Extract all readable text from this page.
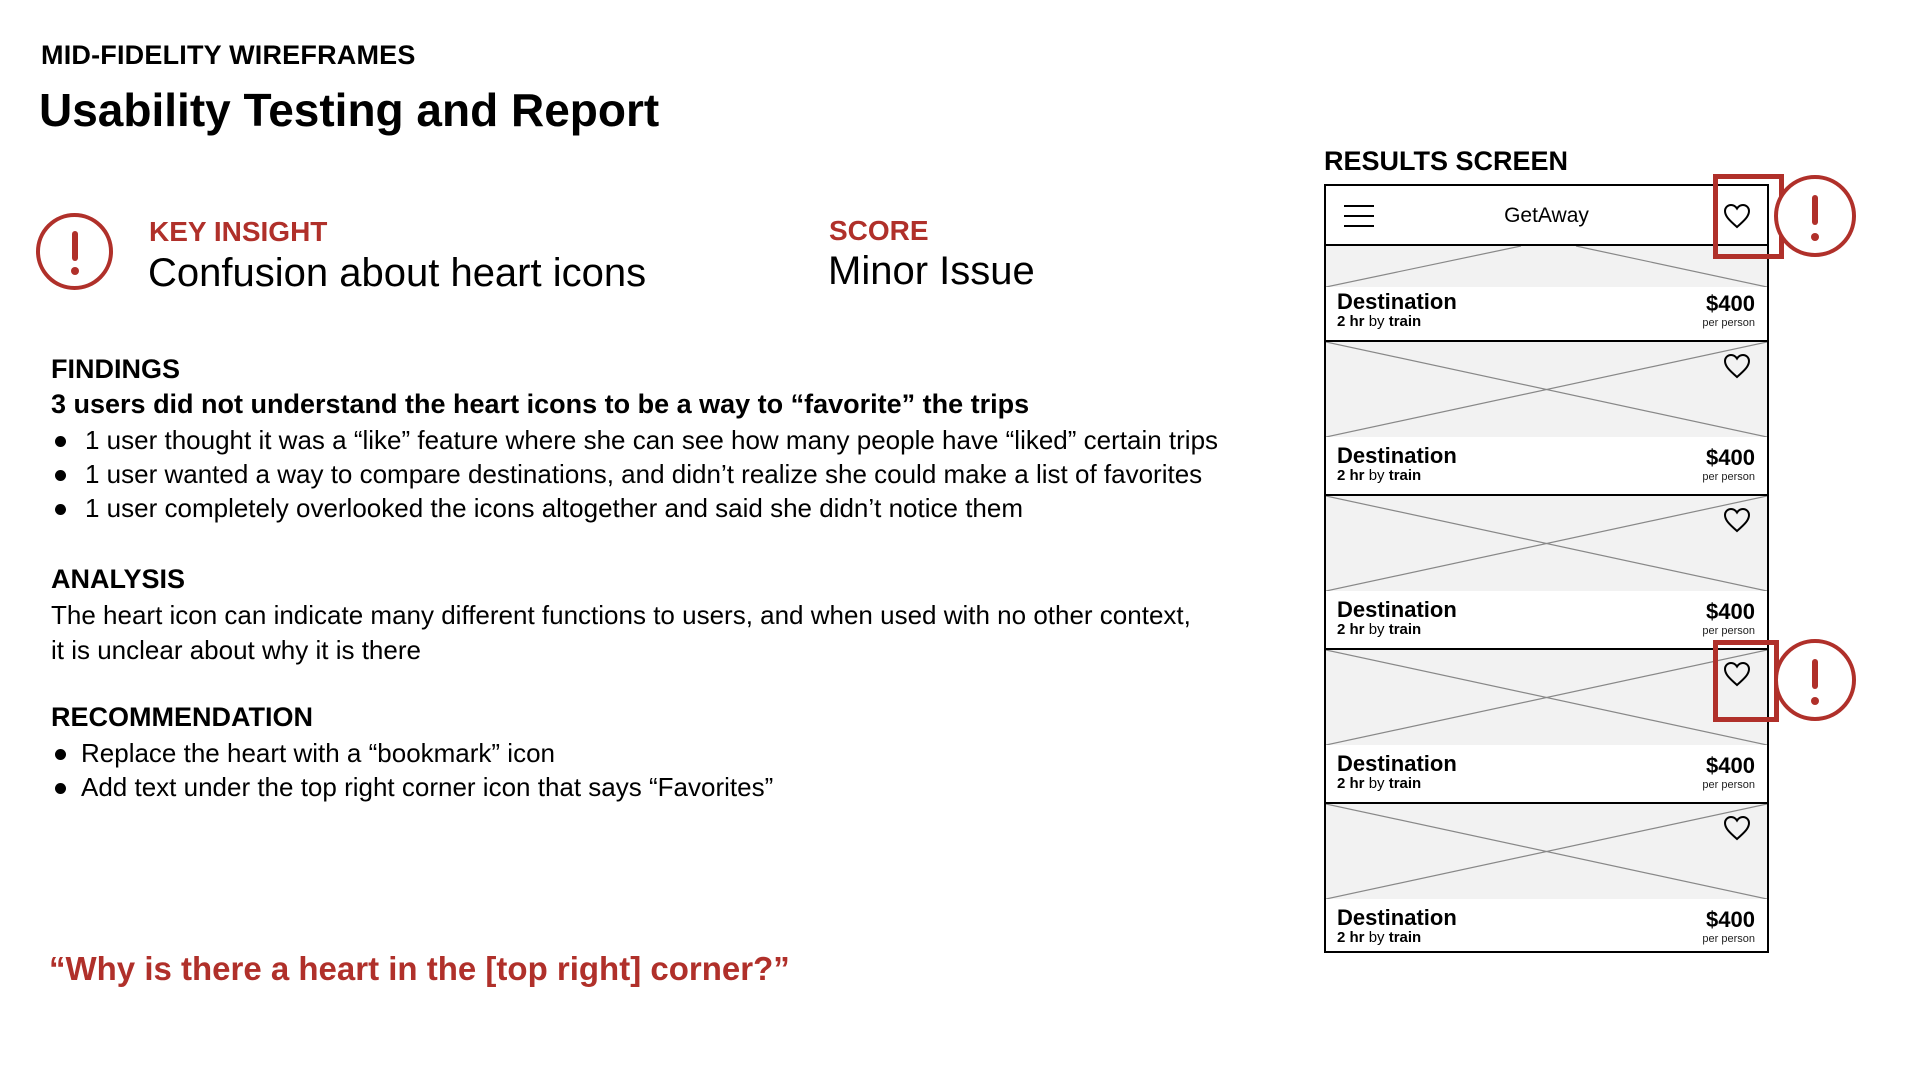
MID-FIDELITY WIREFRAMES
Usability Testing and Report
KEY INSIGHT
Confusion about heart icons
SCORE
Minor Issue
FINDINGS
3 users did not understand the heart icons to be a way to “favorite” the trips
1 user thought it was a “like” feature where she can see how many people have “liked” certain trips
1 user wanted a way to compare destinations, and didn’t realize she could make a list of favorites
1 user completely overlooked the icons altogether and said she didn’t notice them
ANALYSIS
The heart icon can indicate many different functions to users, and when used with no other context,
it is unclear about why it is there
RECOMMENDATION
Replace the heart with a “bookmark” icon
Add text under the top right corner icon that says “Favorites”
“Why is there a heart in the [top right] corner?”
RESULTS SCREEN
GetAway
Destination
2 hr by train
$400
per person
Destination
2 hr by train
$400
per person
Destination
2 hr by train
$400
per person
Destination
2 hr by train
$400
per person
Destination
2 hr by train
$400
per person
